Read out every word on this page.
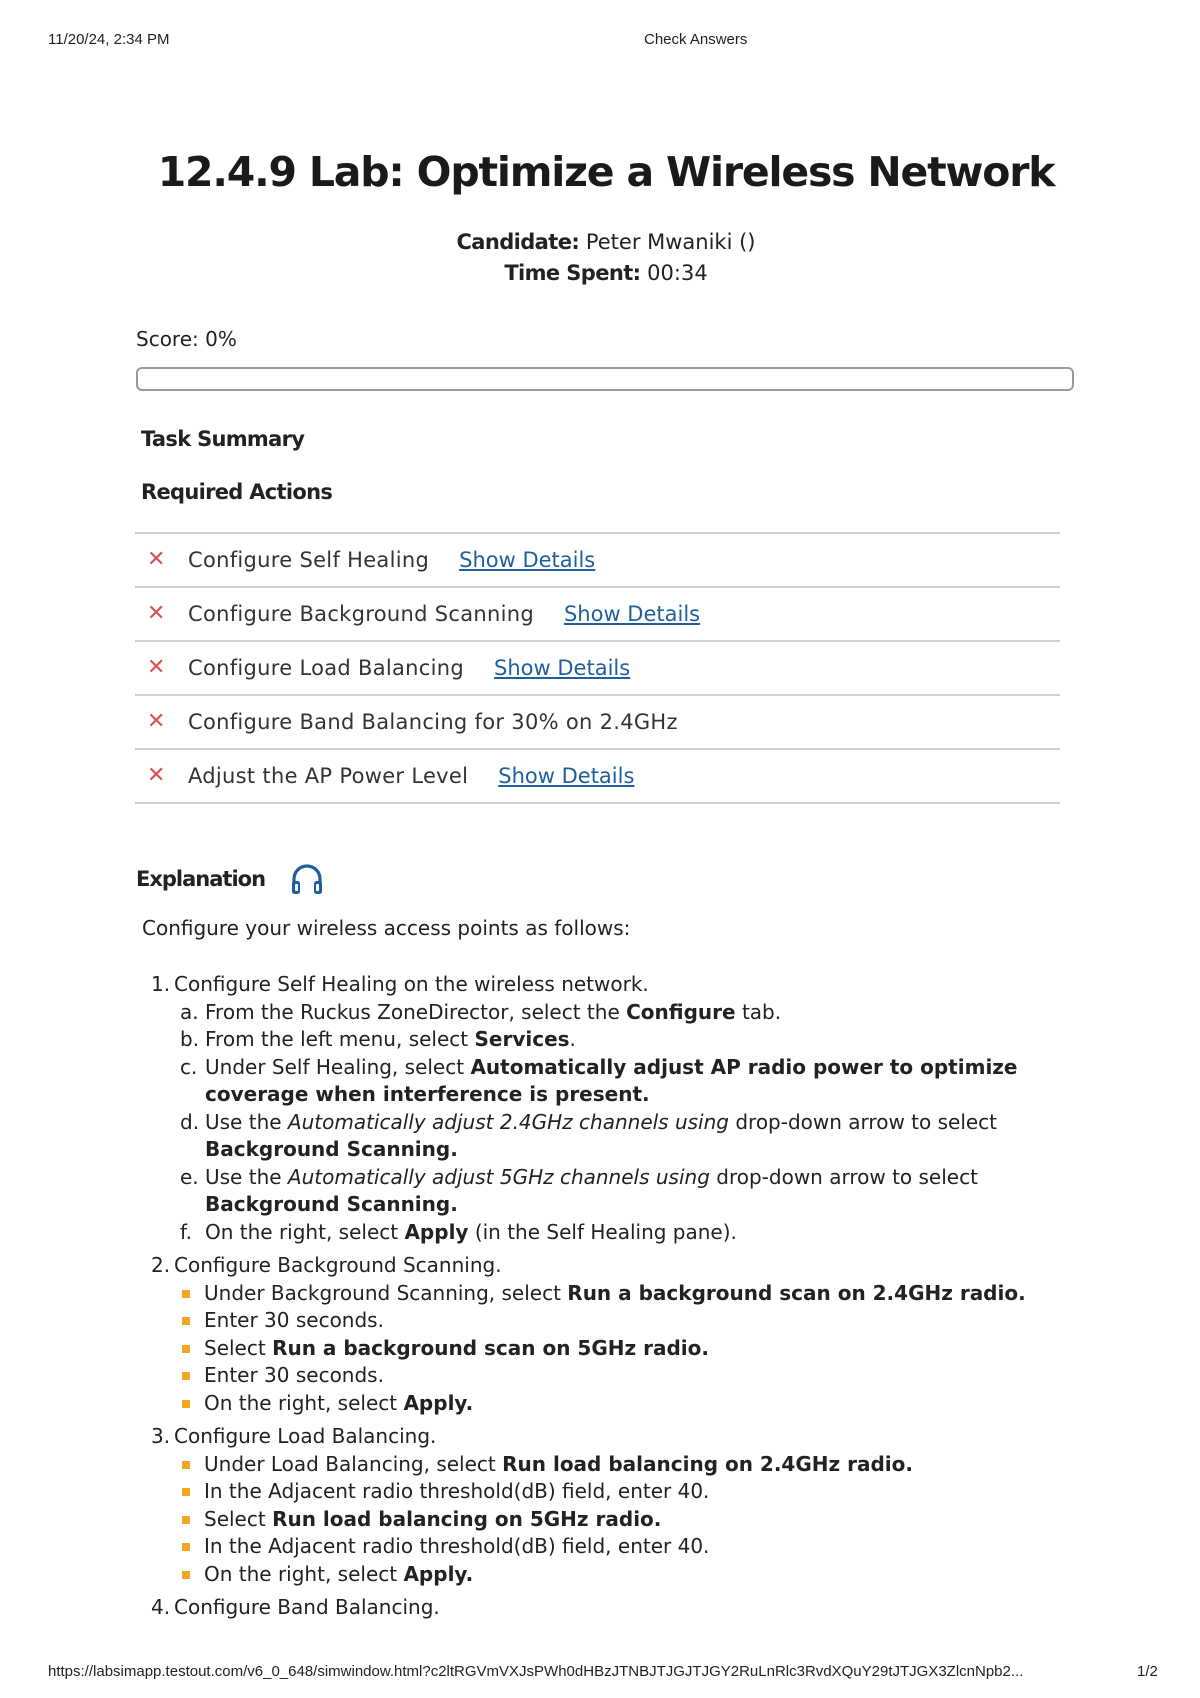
11/20/24, 2:34 PM	Check Answers
12.4.9 Lab: Optimize a Wireless Network
Candidate: Peter Mwaniki ()
Time Spent: 00:34
Score: 0%
Task Summary
Required Actions
✕ Configure Self Healing Show Details
✕ Configure Background Scanning Show Details
✕ Configure Load Balancing Show Details
✕ Configure Band Balancing for 30% on 2.4GHz
✕ Adjust the AP Power Level Show Details
Explanation
Configure your wireless access points as follows:
1. Configure Self Healing on the wireless network.
a. From the Ruckus ZoneDirector, select the Configure tab.
b. From the left menu, select Services.
c. Under Self Healing, select Automatically adjust AP radio power to optimize coverage when interference is present.
d. Use the Automatically adjust 2.4GHz channels using drop-down arrow to select Background Scanning.
e. Use the Automatically adjust 5GHz channels using drop-down arrow to select Background Scanning.
f. On the right, select Apply (in the Self Healing pane).
2. Configure Background Scanning.
Under Background Scanning, select Run a background scan on 2.4GHz radio.
Enter 30 seconds.
Select Run a background scan on 5GHz radio.
Enter 30 seconds.
On the right, select Apply.
3. Configure Load Balancing.
Under Load Balancing, select Run load balancing on 2.4GHz radio.
In the Adjacent radio threshold(dB) field, enter 40.
Select Run load balancing on 5GHz radio.
In the Adjacent radio threshold(dB) field, enter 40.
On the right, select Apply.
4. Configure Band Balancing.
https://labsimapp.testout.com/v6_0_648/simwindow.html?c2ltRGVmVXJsPWh0dHBzJTNBJTJGJTJGY2RuLnRlc3RvdXQuY29tJTJGX3ZlcnNpb2...	1/2
